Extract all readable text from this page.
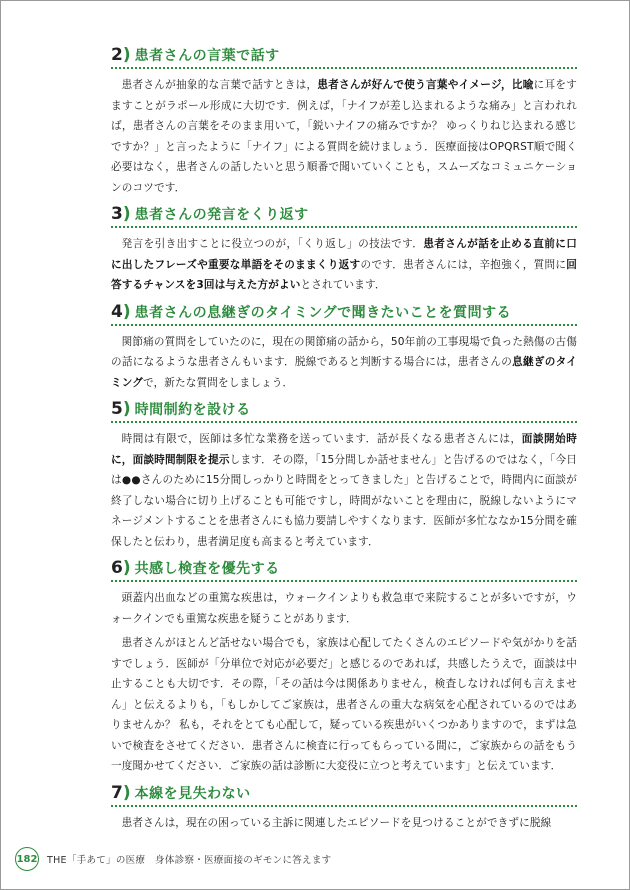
2) 患者さんの言葉で話す

患者さんが抽象的な言葉で話すときは，患者さんが好んで使う言葉やイメージ，比喩に耳をすますことがラポール形成に大切です．例えば，「ナイフが差し込まれるような痛み」と言われれば，患者さんの言葉をそのまま用いて，「鋭いナイフの痛みですか？ ゆっくりねじ込まれる感じですか？」と言ったように「ナイフ」による質問を続けましょう．医療面接はOPQRST順で聞く必要はなく，患者さんの話したいと思う順番で聞いていくことも，スムーズなコミュニケーションのコツです．

3) 患者さんの発言をくり返す

発言を引き出すことに役立つのが，「くり返し」の技法です．患者さんが話を止める直前に口に出したフレーズや重要な単語をそのままくり返すのです．患者さんには，辛抱強く，質問に回答するチャンスを3回は与えた方がよいとされています．

4) 患者さんの息継ぎのタイミングで聞きたいことを質問する

関節痛の質問をしていたのに，現在の関節痛の話から，50年前の工事現場で負った熱傷の古傷の話になるような患者さんもいます．脱線であると判断する場合には，患者さんの息継ぎのタイミングで，新たな質問をしましょう．

5) 時間制約を設ける

時間は有限で，医師は多忙な業務を送っています．話が長くなる患者さんには，面談開始時に，面談時間制限を提示します．その際，「15分間しか話せません」と告げるのではなく，「今日は●●さんのために15分間しっかりと時間をとってきました」と告げることで，時間内に面談が終了しない場合に切り上げることも可能ですし，時間がないことを理由に，脱線しないようにマネージメントすることを患者さんにも協力要請しやすくなります．医師が多忙ななか15分間を確保したと伝わり，患者満足度も高まると考えています．

6) 共感し検査を優先する

頭蓋内出血などの重篤な疾患は，ウォークインよりも救急車で来院することが多いですが，ウォークインでも重篤な疾患を疑うことがあります．

患者さんがほとんど話せない場合でも，家族は心配してたくさんのエピソードや気がかりを話すでしょう．医師が「分単位で対応が必要だ」と感じるのであれば，共感したうえで，面談は中止することも大切です．その際，「その話は今は関係ありません，検査しなければ何も言えません」と伝えるよりも，「もしかしてご家族は，患者さんの重大な病気を心配されているのではありませんか？ 私も，それをとても心配して，疑っている疾患がいくつかありますので，まずは急いで検査をさせてください．患者さんに検査に行ってもらっている間に，ご家族からの話をもう一度聞かせてください．ご家族の話は診断に大変役に立つと考えています」と伝えています．

7) 本線を見失わない

患者さんは，現在の困っている主訴に関連したエピソードを見つけることができずに脱線

182 THE「手あて」の医療　身体診察・医療面接のギモンに答えます
